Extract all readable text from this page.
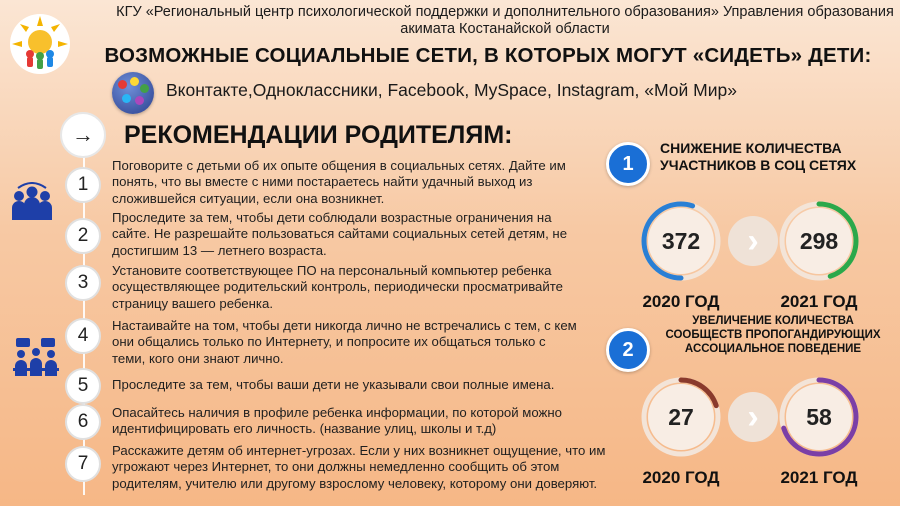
КГУ «Региональный центр психологической поддержки и дополнительного образования» Управления образования акимата Костанайской области
ВОЗМОЖНЫЕ СОЦИАЛЬНЫЕ СЕТИ, В КОТОРЫХ МОГУТ «СИДЕТЬ» ДЕТИ:
Вконтакте,Одноклассники, Facebook, MySpace, Instagram, «Мой Мир»
→	РЕКОМЕНДАЦИИ РОДИТЕЛЯМ:
1
Поговорите с детьми об их опыте общения в социальных сетях. Дайте им понять, что вы вместе с ними постараетесь найти удачный выход из сложившейся ситуации, если она возникнет.
2
Проследите за тем, чтобы дети соблюдали возрастные ограничения на сайте. Не разрешайте пользоваться сайтами социальных сетей детям, не достигшим 13 — летнего возраста.
3
Установите соответствующее ПО на персональный компьютер ребенка осуществляющее родительский контроль, периодически просматривайте страницу вашего ребенка.
4	Настаивайте на том, чтобы дети никогда лично не встречались с тем, с кем они общались только по Интернету, и попросите их общаться только с теми, кого они знают лично.
5	Проследите за тем, чтобы ваши дети не указывали свои полные имена.
6	Опасайтесь наличия в профиле ребенка информации, по которой можно идентифицировать его личность. (название улиц, школы и т.д)
7
Расскажите детям об интернет-угрозах. Если у них возникнет ощущение, что им угрожают через Интернет, то они должны немедленно сообщить об этом родителям, учителю или другому взрослому человеку, которому они доверяют.
1
СНИЖЕНИЕ КОЛИЧЕСТВА УЧАСТНИКОВ В СОЦ СЕТЯХ
372	›	298
2020 ГОД	2021 ГОД
2
УВЕЛИЧЕНИЕ КОЛИЧЕСТВА СООБЩЕСТВ ПРОПОГАНДИРУЮЩИХ АССОЦИАЛЬНОЕ ПОВЕДЕНИЕ
27	›	58
2020 ГОД	2021 ГОД
